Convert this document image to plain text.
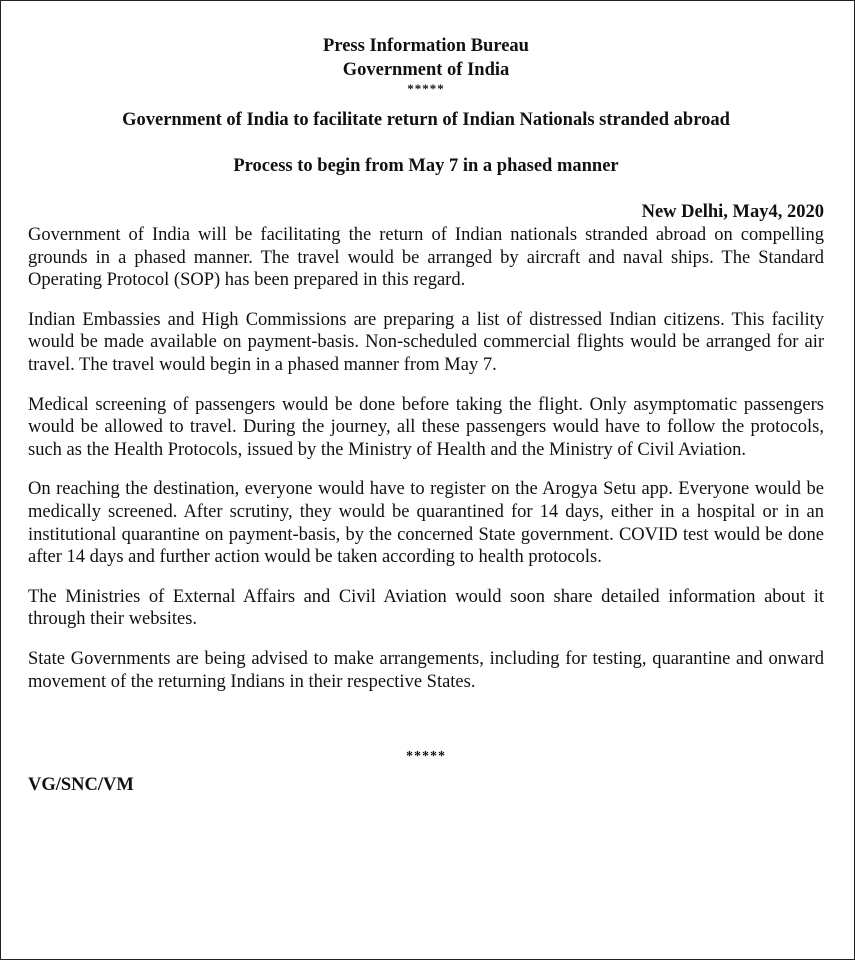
Press Information Bureau
Government of India
*****
Government of India to facilitate return of Indian Nationals stranded abroad
Process to begin from May 7 in a phased manner
New Delhi, May4, 2020

Government of India will be facilitating the return of Indian nationals stranded abroad on compelling grounds in a phased manner. The travel would be arranged by aircraft and naval ships. The Standard Operating Protocol (SOP) has been prepared in this regard.

Indian Embassies and High Commissions are preparing a list of distressed Indian citizens. This facility would be made available on payment-basis. Non-scheduled commercial flights would be arranged for air travel. The travel would begin in a phased manner from May 7.

Medical screening of passengers would be done before taking the flight. Only asymptomatic passengers would be allowed to travel. During the journey, all these passengers would have to follow the protocols, such as the Health Protocols, issued by the Ministry of Health and the Ministry of Civil Aviation.

On reaching the destination, everyone would have to register on the Arogya Setu app. Everyone would be medically screened. After scrutiny, they would be quarantined for 14 days, either in a hospital or in an institutional quarantine on payment-basis, by the concerned State government. COVID test would be done after 14 days and further action would be taken according to health protocols.

The Ministries of External Affairs and Civil Aviation would soon share detailed information about it through their websites.

State Governments are being advised to make arrangements, including for testing, quarantine and onward movement of the returning Indians in their respective States.

*****
VG/SNC/VM
